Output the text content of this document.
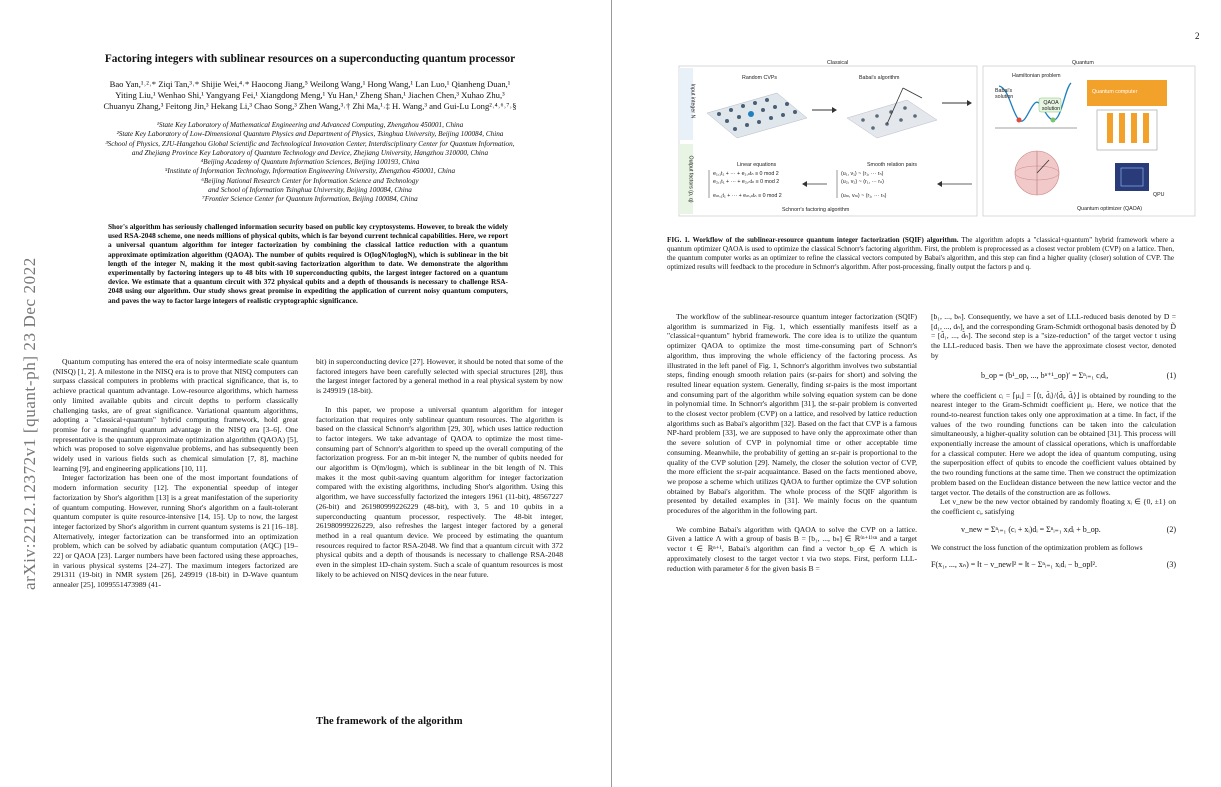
arXiv:2212.12372v1 [quant-ph] 23 Dec 2022
Factoring integers with sublinear resources on a superconducting quantum processor
Bao Yan,¹˒²˒* Ziqi Tan,³˒* Shijie Wei,⁴˒* Haocong Jiang,⁵ Weilong Wang,¹ Hong Wang,¹ Lan Luo,¹ Qianheng Duan,¹
Yiting Liu,¹ Wenhao Shi,¹ Yangyang Fei,¹ Xiangdong Meng,¹ Yu Han,¹ Zheng Shan,¹ Jiachen Chen,³ Xuhao Zhu,³
Chuanyu Zhang,³ Feitong Jin,³ Hekang Li,³ Chao Song,³ Zhen Wang,³˒† Zhi Ma,¹˒‡ H. Wang,³ and Gui-Lu Long²˒⁴˒⁶˒⁷˒§
¹State Key Laboratory of Mathematical Engineering and Advanced Computing, Zhengzhou 450001, China
²State Key Laboratory of Low-Dimensional Quantum Physics and Department of Physics, Tsinghua University, Beijing 100084, China
³School of Physics, ZJU-Hangzhou Global Scientific and Technological Innovation Center, Interdisciplinary Center for Quantum Information,
and Zhejiang Province Key Laboratory of Quantum Technology and Device, Zhejiang University, Hangzhou 310000, China
⁴Beijing Academy of Quantum Information Sciences, Beijing 100193, China
⁵Institute of Information Technology, Information Engineering University, Zhengzhou 450001, China
⁶Beijing National Research Center for Information Science and Technology
and School of Information Tsinghua University, Beijing 100084, China
⁷Frontier Science Center for Quantum Information, Beijing 100084, China
Shor's algorithm has seriously challenged information security based on public key cryptosystems. However, to break the widely used RSA-2048 scheme, one needs millions of physical qubits, which is far beyond current technical capabilities. Here, we report a universal quantum algorithm for integer factorization by combining the classical lattice reduction with a quantum approximate optimization algorithm (QAOA). The number of qubits required is O(logN/loglogN), which is sublinear in the bit length of the integer N, making it the most qubit-saving factorization algorithm to date. We demonstrate the algorithm experimentally by factoring integers up to 48 bits with 10 superconducting qubits, the largest integer factored on a quantum device. We estimate that a quantum circuit with 372 physical qubits and a depth of thousands is necessary to challenge RSA-2048 using our algorithm. Our study shows great promise in expediting the application of current noisy quantum computers, and paves the way to factor large integers of realistic cryptographic significance.

Quantum computing has entered the era of noisy intermediate scale quantum (NISQ) [1, 2]. A milestone in the NISQ era is to prove that NISQ computers can surpass classical computers in problems with practical significance, that is, to achieve practical quantum advantage. Low-resource algorithms, which harness only limited available qubits and circuit depths to perform classically challenging tasks, are of great significance. Variational quantum algorithms, adopting a "classical+quantum" hybrid computing framework, hold great promise for a meaningful quantum advantage in the NISQ era [3–6]. One representative is the quantum approximate optimization algorithm (QAOA) [5], which was proposed to solve eigenvalue problems, and has subsequently been widely used in various fields such as chemical simulation [7, 8], machine learning [9], and engineering applications [10, 11].

Integer factorization has been one of the most important foundations of modern information security [12]. The exponential speedup of integer factorization by Shor's algorithm [13] is a great manifestation of the superiority of quantum computing. However, running Shor's algorithm on a fault-tolerant quantum computer is quite resource-intensive [14, 15]. Up to now, the largest integer factorized by Shor's algorithm in current quantum systems is 21 [16–18]. Alternatively, integer factorization can be transformed into an optimization problem, which can be solved by adiabatic quantum computation (AQC) [19–22] or QAOA [23]. Larger numbers have been factored using these approaches, in various physical systems [24–27]. The maximum integers factorized are 291311 (19-bit) in NMR system [26], 249919 (18-bit) in D-Wave quantum annealer [25], 1099551473989 (41-

bit) in superconducting device [27]. However, it should be noted that some of the factored integers have been carefully selected with special structures [28], thus the largest integer factored by a general method in a real physical system by now is 249919 (18-bit).

In this paper, we propose a universal quantum algorithm for integer factorization that requires only sublinear quantum resources. The algorithm is based on the classical Schnorr's algorithm [29, 30], which uses lattice reduction to factor integers. We take advantage of QAOA to optimize the most time-consuming part of Schnorr's algorithm to speed up the overall computing of the factorization progress. For an m-bit integer N, the number of qubits needed for our algorithm is O(m/logm), which is sublinear in the bit length of N. This makes it the most qubit-saving quantum algorithm for integer factorization compared with the existing algorithms, including Shor's algorithm. Using this algorithm, we have successfully factorized the integers 1961 (11-bit), 48567227 (26-bit) and 261980999226229 (48-bit), with 3, 5 and 10 qubits in a superconducting quantum processor, respectively. The 48-bit integer, 261980999226229, also refreshes the largest integer factored by a general method in a real quantum device. We proceed by estimating the quantum resources required to factor RSA-2048. We find that a quantum circuit with 372 physical qubits and a depth of thousands is necessary to challenge RSA-2048 even in the simplest 1D-chain system. Such a scale of quantum resources is most likely to be achieved on NISQ devices in the near future.

The framework of the algorithm
2
Classical	Quantum
Random CVPs	Babai's algorithm	Hamiltonian problem
Babai's solution
QAOA solution
Quantum computer
Input integer N
Output factors (p, q)	Linear equations	Smooth relation pairs
e₁,₁t₁ + ··· + e₁,ₙtₙ ≡ 0 mod 2
e₂,₁t₁ + ··· + e₂,ₙtₙ ≡ 0 mod 2
eₘ,₁t₁ + ··· + eₘ,ₙtₙ ≡ 0 mod 2
(u₁, v₁) ~ (r₁, ··· rₙ)
(u₂, v₂) ~ (r₁, ··· rₙ)
(uₘ, vₘ) ~ (r₁, ··· rₙ)
Schnorr's factoring algorithm
QPU
Quantum optimizer (QAOA)
FIG. 1. Workflow of the sublinear-resource quantum integer factorization (SQIF) algorithm. The algorithm adopts a "classical+quantum" hybrid framework where a quantum optimizer QAOA is used to optimize the classical Schnorr's factoring algorithm. First, the problem is preprocessed as a closest vector problem (CVP) on a lattice. Then, the quantum computer works as an optimizer to refine the classical vectors computed by Babai's algorithm, and this step can find a higher quality (closer) solution of CVP. The optimized results will feedback to the procedure in Schnorr's algorithm. After post-processing, finally output the factors p and q.

The workflow of the sublinear-resource quantum integer factorization (SQIF) algorithm is summarized in Fig. 1, which essentially manifests itself as a "classical+quantum" hybrid framework. The core idea is to utilize the quantum optimizer QAOA to optimize the most time-consuming part of Schnorr's algorithm, thus improving the whole efficiency of the factoring process. As illustrated in the left panel of Fig. 1, Schnorr's algorithm involves two substantial steps, finding enough smooth relation pairs (sr-pairs for short) and solving the resulted linear equation system. Generally, finding sr-pairs is the most important and consuming part of the algorithm while solving equation system can be done in polynomial time. In Schnorr's algorithm [31], the sr-pair problem is converted to the closest vector problem (CVP) on a lattice, and resolved by lattice reduction algorithms such as Babai's algorithm [32]. Based on the fact that CVP is a famous NP-hard problem [33], we are supposed to have only the approximate other than the severe solution of CVP in polynomial time or other acceptable time consuming. Meanwhile, the probability of getting an sr-pair is proportional to the quality of the CVP solution [29]. Namely, the closer the solution vector of CVP, the more efficient the sr-pair acquaintance. Based on the facts mentioned above, we propose a scheme which utilizes QAOA to further optimize the CVP solution obtained by Babai's algorithm. The whole process of the SQIF algorithm is presented by detailed examples in [31]. We mainly focus on the quantum procedures of the algorithm in the following part.

We combine Babai's algorithm with QAOA to solve the CVP on a lattice. Given a lattice Λ with a group of basis B = [b₁, ..., bₙ] ∈ ℝ⁽ⁿ⁺¹⁾ˣⁿ and a target vector t ∈ ℝⁿ⁺¹, Babai's algorithm can find a vector b_op ∈ Λ which is approximately closest to the target vector t via two steps. First, perform LLL-reduction with parameter δ for the given basis B =

[b₁, ..., bₙ]. Consequently, we have a set of LLL-reduced basis denoted by D = [d₁, ..., dₙ], and the corresponding Gram-Schmidt orthogonal basis denoted by D̃ = [d̃₁, ..., d̃ₙ]. The second step is a "size-reduction" of the target vector t using the LLL-reduced basis. Then we have the approximate closest vector, denoted by

b_op = (b¹_op, ..., bⁿ⁺¹_op)′ = Σⁿᵢ₌₁ cᵢdᵢ,	(1)

where the coefficient cᵢ = ⌈μᵢ⌋ = ⌈⟨t, d̃ᵢ⟩/⟨d̃ᵢ, d̃ᵢ⟩⌋ is obtained by rounding to the nearest integer to the Gram-Schmidt coefficient μᵢ. Here, we notice that the round-to-nearest function takes only one approximation at a time. In fact, if the values of the two rounding functions can be taken into the calculation simultaneously, a higher-quality solution can be obtained [31]. This process will exponentially increase the amount of classical operations, which is unaffordable for a classical computer. Here we adopt the idea of quantum computing, using the superposition effect of qubits to encode the coefficient values obtained by the two rounding functions at the same time. Then we construct the optimization problem based on the Euclidean distance between the new lattice vector and the target vector. The details of the construction are as follows.

Let v_new be the new vector obtained by randomly floating xᵢ ∈ {0, ±1} on the coefficient cᵢ, satisfying

v_new = Σⁿᵢ₌₁ (cᵢ + xᵢ)dᵢ = Σⁿᵢ₌₁ xᵢdᵢ + b_op.	(2)

We construct the loss function of the optimization problem as follows

F(x₁, ..., xₙ) = ‖t − v_new‖² = ‖t − Σⁿᵢ₌₁ xᵢdᵢ − b_op‖².	(3)
